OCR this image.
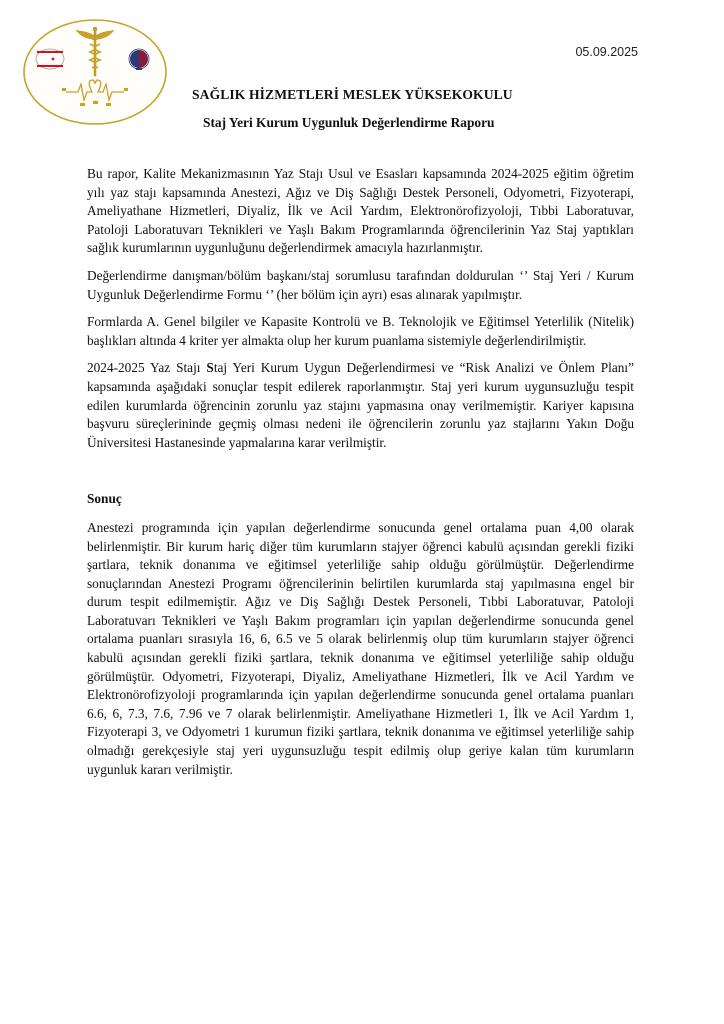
05.09.2025
SAĞLIK HİZMETLERİ MESLEK YÜKSEKOKULU
Staj Yeri Kurum Uygunluk Değerlendirme Raporu

Bu rapor, Kalite Mekanizmasının Yaz Stajı Usul ve Esasları kapsamında 2024-2025 eğitim öğretim yılı yaz stajı kapsamında Anestezi, Ağız ve Diş Sağlığı Destek Personeli, Odyometri, Fizyoterapi, Ameliyathane Hizmetleri, Diyaliz, İlk ve Acil Yardım, Elektronörofizyoloji, Tıbbi Laboratuvar, Patoloji Laboratuvarı Teknikleri ve Yaşlı Bakım Programlarında öğrencilerinin Yaz Staj yaptıkları sağlık kurumlarının uygunluğunu değerlendirmek amacıyla hazırlanmıştır.

Değerlendirme danışman/bölüm başkanı/staj sorumlusu tarafından doldurulan ‘’ Staj Yeri / Kurum Uygunluk Değerlendirme Formu ‘’ (her bölüm için ayrı) esas alınarak yapılmıştır.

Formlarda A. Genel bilgiler ve Kapasite Kontrolü ve B. Teknolojik ve Eğitimsel Yeterlilik (Nitelik) başlıkları altında 4 kriter yer almakta olup her kurum puanlama sistemiyle değerlendirilmiştir.

2024-2025 Yaz Stajı Staj Yeri Kurum Uygun Değerlendirmesi ve “Risk Analizi ve Önlem Planı” kapsamında aşağıdaki sonuçlar tespit edilerek raporlanmıştır. Staj yeri kurum uygunsuzluğu tespit edilen kurumlarda öğrencinin zorunlu yaz stajını yapmasına onay verilmemiştir. Kariyer kapısına başvuru süreçlerininde geçmiş olması nedeni ile öğrencilerin zorunlu yaz stajlarını Yakın Doğu Üniversitesi Hastanesinde yapmalarına karar verilmiştir.

Sonuç

Anestezi programında için yapılan değerlendirme sonucunda genel ortalama puan 4,00 olarak belirlenmiştir. Bir kurum hariç diğer tüm kurumların stajyer öğrenci kabulü açısından gerekli fiziki şartlara, teknik donanıma ve eğitimsel yeterliliğe sahip olduğu görülmüştür. Değerlendirme sonuçlarından Anestezi Programı öğrencilerinin belirtilen kurumlarda staj yapılmasına engel bir durum tespit edilmemiştir. Ağız ve Diş Sağlığı Destek Personeli, Tıbbi Laboratuvar, Patoloji Laboratuvarı Teknikleri ve Yaşlı Bakım programları için yapılan değerlendirme sonucunda genel ortalama puanları sırasıyla 16, 6, 6.5 ve 5 olarak belirlenmiş olup tüm kurumların stajyer öğrenci kabulü açısından gerekli fiziki şartlara, teknik donanıma ve eğitimsel yeterliliğe sahip olduğu görülmüştür. Odyometri, Fizyoterapi, Diyaliz, Ameliyathane Hizmetleri, İlk ve Acil Yardım ve Elektronörofizyoloji programlarında için yapılan değerlendirme sonucunda genel ortalama puanları 6.6, 6, 7.3, 7.6, 7.96 ve 7 olarak belirlenmiştir. Ameliyathane Hizmetleri 1, İlk ve Acil Yardım 1, Fizyoterapi 3, ve Odyometri 1 kurumun fiziki şartlara, teknik donanıma ve eğitimsel yeterliliğe sahip olmadığı gerekçesiyle staj yeri uygunsuzluğu tespit edilmiş olup geriye kalan tüm kurumların uygunluk kararı verilmiştir.
